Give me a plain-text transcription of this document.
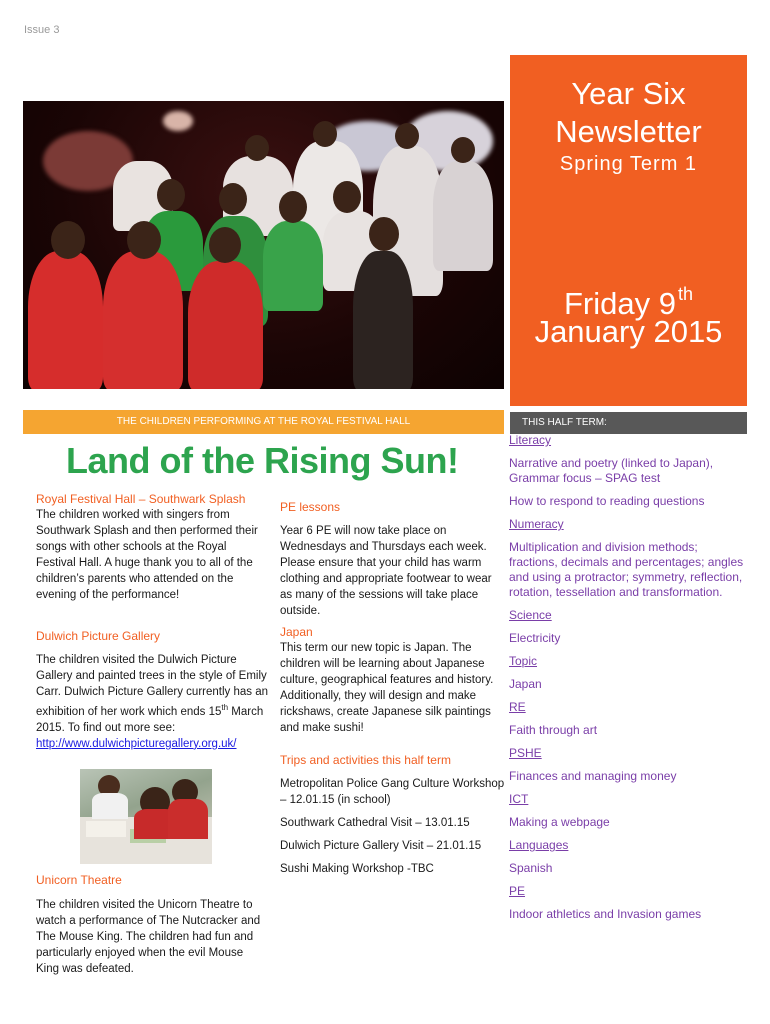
Issue 3
THE CHILDREN PERFORMING AT THE ROYAL FESTIVAL HALL
Year Six
Newsletter
Spring Term 1
Friday 9 $^{th}$
January 2015
THIS HALF TERM:
Land of the Rising Sun!
Royal Festival Hall – Southwark Splash
The children worked with singers from Southwark Splash and then performed their songs with other schools at the Royal Festival Hall. A huge thank you to all of the children’s parents who attended on the evening of the performance!
Dulwich Picture Gallery
The children visited the Dulwich Picture Gallery and painted trees in the style of Emily Carr. Dulwich Picture Gallery currently has an exhibition of her work which ends 15th March 2015. To find out more see:
http://www.dulwichpicturegallery.org.uk/
Unicorn Theatre
The children visited the Unicorn Theatre to watch a performance of The Nutcracker and The Mouse King. The children had fun and particularly enjoyed when the evil Mouse King was defeated.
PE lessons
Year 6 PE will now take place on Wednesdays and Thursdays each week. Please ensure that your child has warm clothing and appropriate footwear to wear as many of the sessions will take place outside.
Japan
This term our new topic is Japan. The children will be learning about Japanese culture, geographical features and history. Additionally, they will design and make rickshaws, create Japanese silk paintings and make sushi!
Trips and activities this half term
Metropolitan Police Gang Culture Workshop – 12.01.15 (in school)
Southwark Cathedral Visit – 13.01.15
Dulwich Picture Gallery Visit – 21.01.15
Sushi Making Workshop -TBC
Literacy
Narrative and poetry (linked to Japan), Grammar focus – SPAG test
How to respond to reading questions
Numeracy
Multiplication and division methods; fractions, decimals and percentages; angles and using a protractor; symmetry, reflection, rotation, tessellation and transformation.
Science
Electricity
Topic
Japan
RE
Faith through art
PSHE
Finances and managing money
ICT
Making a webpage
Languages
Spanish
PE
Indoor athletics and Invasion games
